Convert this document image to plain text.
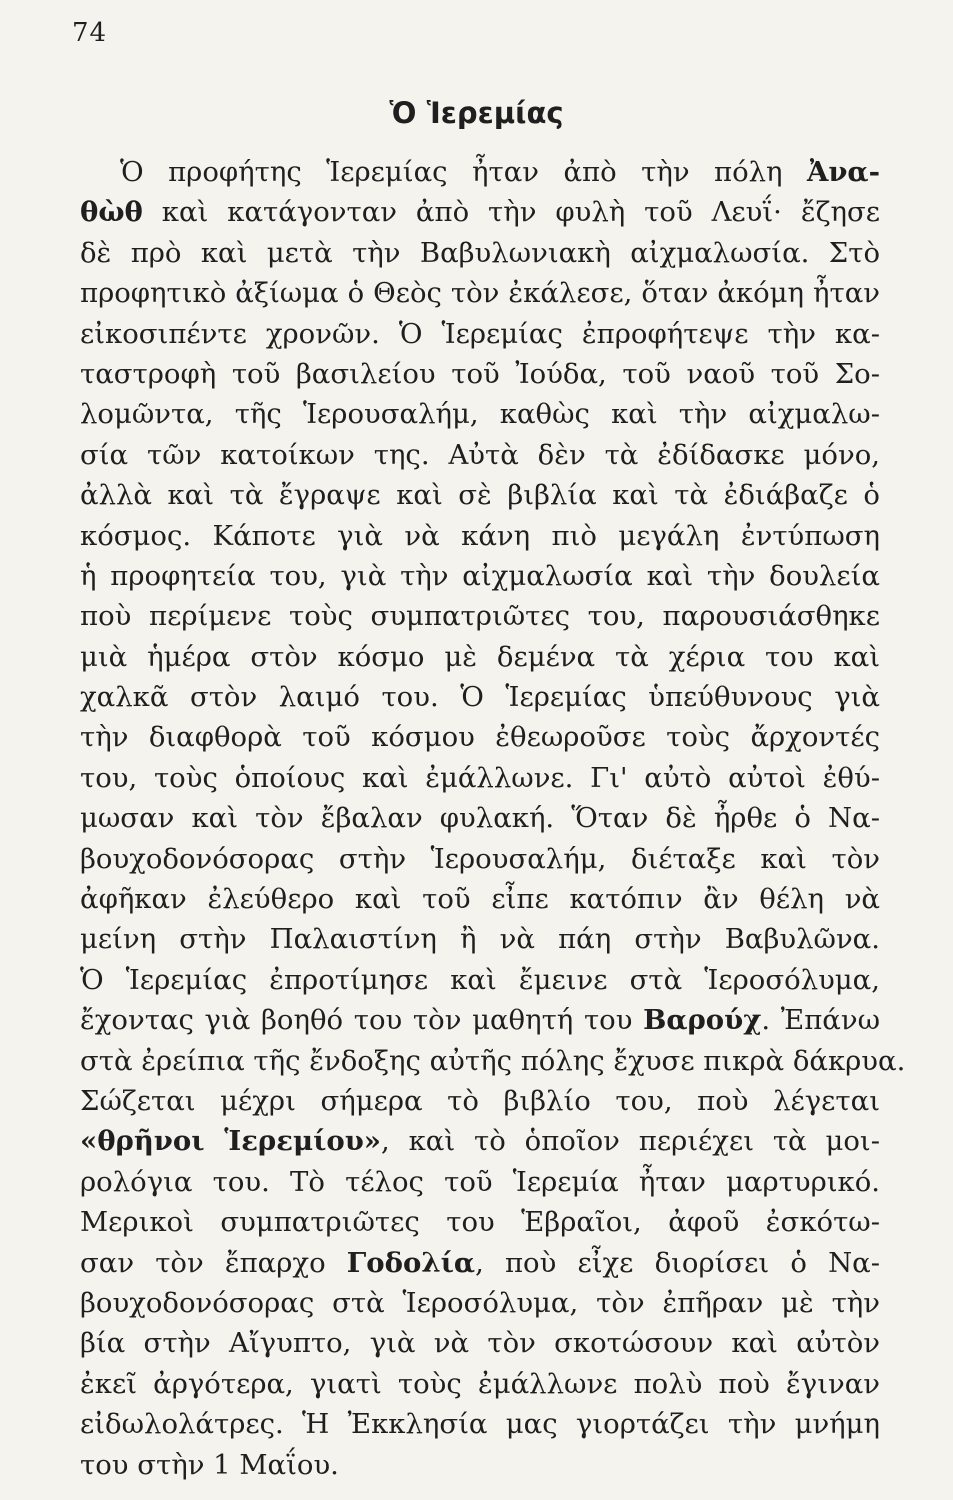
74
Ὁ Ἱερεμίας
Ὁ προφήτης Ἱερεμίας ἦταν ἀπὸ τὴν πόλη Ἀνα-
θὼθ καὶ κατάγονταν ἀπὸ τὴν φυλὴ τοῦ Λευΐ· ἔζησε
δὲ πρὸ καὶ μετὰ τὴν Βαβυλωνιακὴ αἰχμαλωσία. Στὸ
προφητικὸ ἀξίωμα ὁ Θεὸς τὸν ἐκάλεσε, ὅταν ἀκόμη ἦταν
εἰκοσιπέντε χρονῶν. Ὁ Ἱερεμίας ἐπροφήτεψε τὴν κα-
ταστροφὴ τοῦ βασιλείου τοῦ Ἰούδα, τοῦ ναοῦ τοῦ Σο-
λομῶντα, τῆς Ἱερουσαλήμ, καθὼς καὶ τὴν αἰχμαλω-
σία τῶν κατοίκων της. Αὐτὰ δὲν τὰ ἐδίδασκε μόνο,
ἀλλὰ καὶ τὰ ἔγραψε καὶ σὲ βιβλία καὶ τὰ ἐδιάβαζε ὁ
κόσμος. Κάποτε γιὰ νὰ κάνη πιὸ μεγάλη ἐντύπωση
ἡ προφητεία του, γιὰ τὴν αἰχμαλωσία καὶ τὴν δουλεία
ποὺ περίμενε τοὺς συμπατριῶτες του, παρουσιάσθηκε
μιὰ ἡμέρα στὸν κόσμο μὲ δεμένα τὰ χέρια του καὶ
χαλκᾶ στὸν λαιμό του. Ὁ Ἱερεμίας ὑπεύθυνους γιὰ
τὴν διαφθορὰ τοῦ κόσμου ἐθεωροῦσε τοὺς ἄρχοντές
του, τοὺς ὁποίους καὶ ἐμάλλωνε. Γι' αὐτὸ αὐτοὶ ἐθύ-
μωσαν καὶ τὸν ἔβαλαν φυλακή. Ὅταν δὲ ἦρθε ὁ Να-
βουχοδονόσορας στὴν Ἱερουσαλήμ, διέταξε καὶ τὸν
ἀφῆκαν ἐλεύθερο καὶ τοῦ εἶπε κατόπιν ἂν θέλη νὰ
μείνη στὴν Παλαιστίνη ἢ νὰ πάη στὴν Βαβυλῶνα.
Ὁ Ἱερεμίας ἐπροτίμησε καὶ ἔμεινε στὰ Ἱεροσόλυμα,
ἔχοντας γιὰ βοηθό του τὸν μαθητή του Βαρούχ. Ἐπάνω
στὰ ἐρείπια τῆς ἔνδοξης αὐτῆς πόλης ἔχυσε πικρὰ δάκρυα.
Σώζεται μέχρι σήμερα τὸ βιβλίο του, ποὺ λέγεται
«θρῆνοι Ἱερεμίου», καὶ τὸ ὁποῖον περιέχει τὰ μοι-
ρολόγια του. Τὸ τέλος τοῦ Ἱερεμία ἦταν μαρτυρικό.
Μερικοὶ συμπατριῶτες του Ἑβραῖοι, ἀφοῦ ἐσκότω-
σαν τὸν ἔπαρχο Γοδολία, ποὺ εἶχε διορίσει ὁ Να-
βουχοδονόσορας στὰ Ἱεροσόλυμα, τὸν ἐπῆραν μὲ τὴν
βία στὴν Αἴγυπτο, γιὰ νὰ τὸν σκοτώσουν καὶ αὐτὸν
ἐκεῖ ἀργότερα, γιατὶ τοὺς ἐμάλλωνε πολὺ ποὺ ἔγιναν
εἰδωλολάτρες. Ἡ Ἐκκλησία μας γιορτάζει τὴν μνήμη
του στὴν 1 Μαΐου.
